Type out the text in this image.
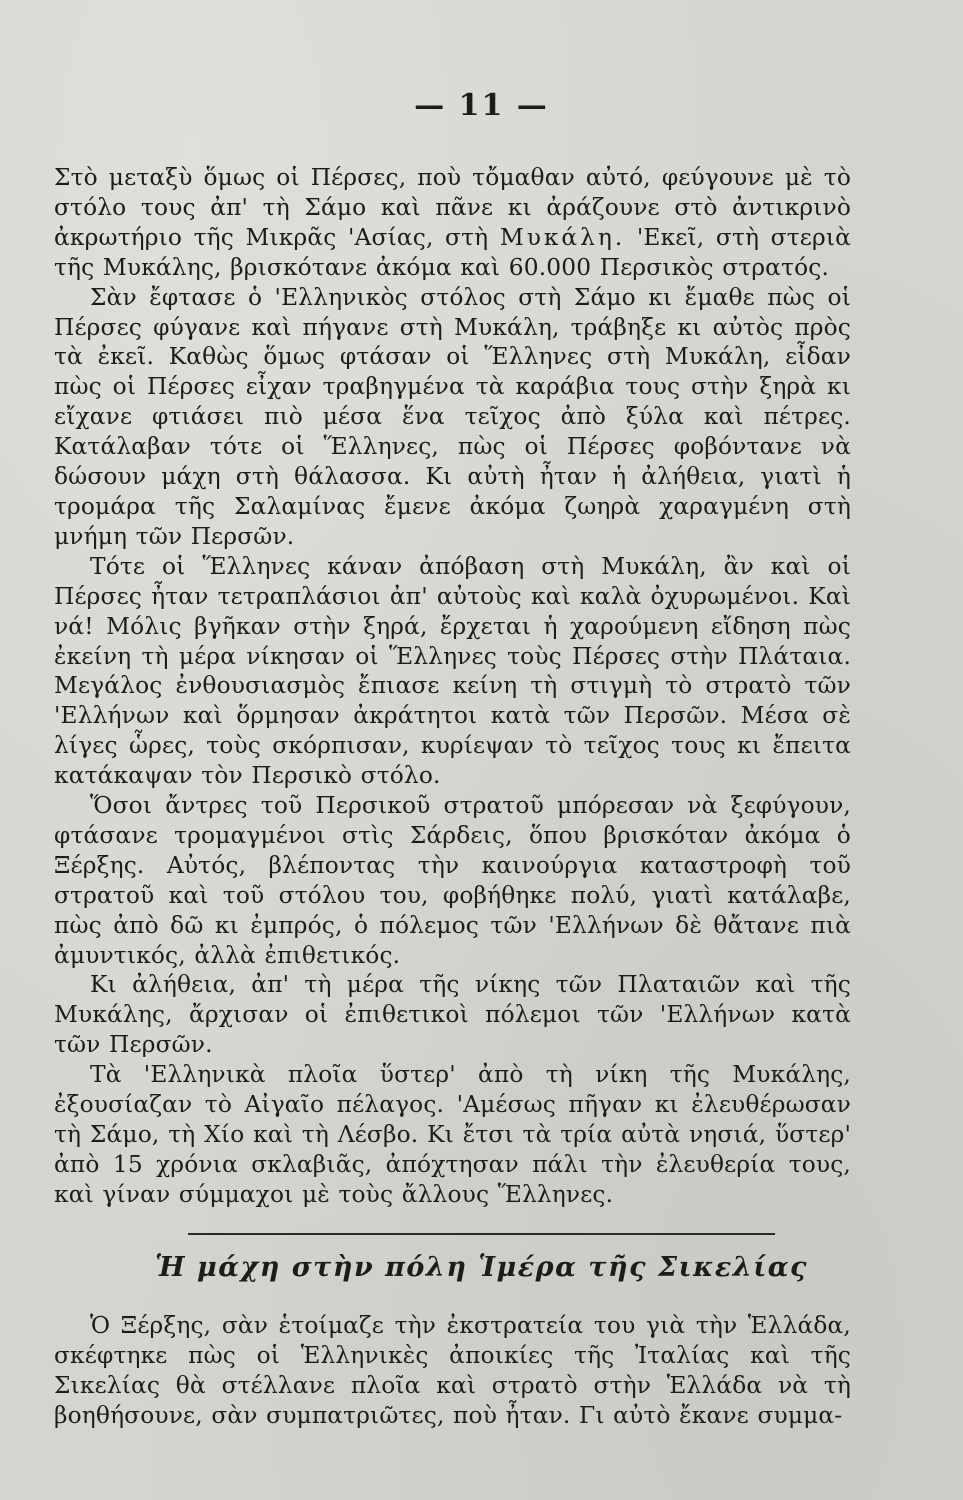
— 11 —

Στὸ μεταξὺ ὅμως οἱ Πέρσες, ποὺ τὄμαθαν αὐτό, φεύγουνε μὲ τὸ στόλο τους ἀπ' τὴ Σάμο καὶ πᾶνε κι ἀράζουνε στὸ ἀντικρινὸ ἀκρωτήριο τῆς Μικρᾶς 'Ασίας, στὴ Μυκάλη. 'Εκεῖ, στὴ στεριὰ τῆς Μυκάλης, βρισκότανε ἀκόμα καὶ 60.000 Περσικὸς στρατός.

Σὰν ἔφτασε ὁ 'Ελληνικὸς στόλος στὴ Σάμο κι ἔμαθε πὼς οἱ Πέρσες φύγανε καὶ πήγανε στὴ Μυκάλη, τράβηξε κι αὐτὸς πρὸς τὰ ἐκεῖ. Καθὼς ὅμως φτάσαν οἱ Ἕλληνες στὴ Μυκάλη, εἶδαν πὼς οἱ Πέρσες εἶχαν τραβηγμένα τὰ καράβια τους στὴν ξηρὰ κι εἴχανε φτιάσει πιὸ μέσα ἕνα τεῖχος ἀπὸ ξύλα καὶ πέτρες. Κατάλαβαν τότε οἱ Ἕλληνες, πὼς οἱ Πέρσες φοβόντανε νὰ δώσουν μάχη στὴ θάλασσα. Κι αὐτὴ ἦταν ἡ ἀλήθεια, γιατὶ ἡ τρομάρα τῆς Σαλαμίνας ἔμενε ἀκόμα ζωηρὰ χαραγμένη στὴ μνήμη τῶν Περσῶν.

Τότε οἱ Ἕλληνες κάναν ἀπόβαση στὴ Μυκάλη, ἂν καὶ οἱ Πέρσες ἦταν τετραπλάσιοι ἀπ' αὐτοὺς καὶ καλὰ ὀχυρωμένοι. Καὶ νά! Μόλις βγῆκαν στὴν ξηρά, ἔρχεται ἡ χαρούμενη εἴδηση πὼς ἐκείνη τὴ μέρα νίκησαν οἱ Ἕλληνες τοὺς Πέρσες στὴν Πλάταια. Μεγάλος ἐνθουσιασμὸς ἔπιασε κείνη τὴ στιγμὴ τὸ στρατὸ τῶν 'Ελλήνων καὶ ὅρμησαν ἀκράτητοι κατὰ τῶν Περσῶν. Μέσα σὲ λίγες ὧρες, τοὺς σκόρπισαν, κυρίεψαν τὸ τεῖχος τους κι ἔπειτα κατάκαψαν τὸν Περσικὸ στόλο.

Ὅσοι ἄντρες τοῦ Περσικοῦ στρατοῦ μπόρεσαν νὰ ξεφύγουν, φτάσανε τρομαγμένοι στὶς Σάρδεις, ὅπου βρισκόταν ἀκόμα ὁ Ξέρξης. Αὐτός, βλέποντας τὴν καινούργια καταστροφὴ τοῦ στρατοῦ καὶ τοῦ στόλου του, φοβήθηκε πολύ, γιατὶ κατάλαβε, πὼς ἀπὸ δῶ κι ἐμπρός, ὁ πόλεμος τῶν 'Ελλήνων δὲ θἄτανε πιὰ ἀμυντικός, ἀλλὰ ἐπιθετικός.

Κι ἀλήθεια, ἀπ' τὴ μέρα τῆς νίκης τῶν Πλαταιῶν καὶ τῆς Μυκάλης, ἄρχισαν οἱ ἐπιθετικοὶ πόλεμοι τῶν 'Ελλήνων κατὰ τῶν Περσῶν.

Τὰ 'Ελληνικὰ πλοῖα ὕστερ' ἀπὸ τὴ νίκη τῆς Μυκάλης, ἐξουσίαζαν τὸ Αἰγαῖο πέλαγος. 'Αμέσως πῆγαν κι ἐλευθέρωσαν τὴ Σάμο, τὴ Χίο καὶ τὴ Λέσβο. Κι ἔτσι τὰ τρία αὐτὰ νησιά, ὕστερ' ἀπὸ 15 χρόνια σκλαβιᾶς, ἀπόχτησαν πάλι τὴν ἐλευθερία τους, καὶ γίναν σύμμαχοι μὲ τοὺς ἄλλους Ἕλληνες.

Ἡ μάχη στὴν πόλη Ἱμέρα τῆς Σικελίας

Ὁ Ξέρξης, σὰν ἑτοίμαζε τὴν ἐκστρατεία του γιὰ τὴν Ἑλλάδα, σκέφτηκε πὼς οἱ Ἑλληνικὲς ἀποικίες τῆς Ἰταλίας καὶ τῆς Σικελίας θὰ στέλλανε πλοῖα καὶ στρατὸ στὴν Ἑλλάδα νὰ τὴ βοηθήσουνε, σὰν συμπατριῶτες, ποὺ ἦταν. Γι αὐτὸ ἔκανε συμμα-
